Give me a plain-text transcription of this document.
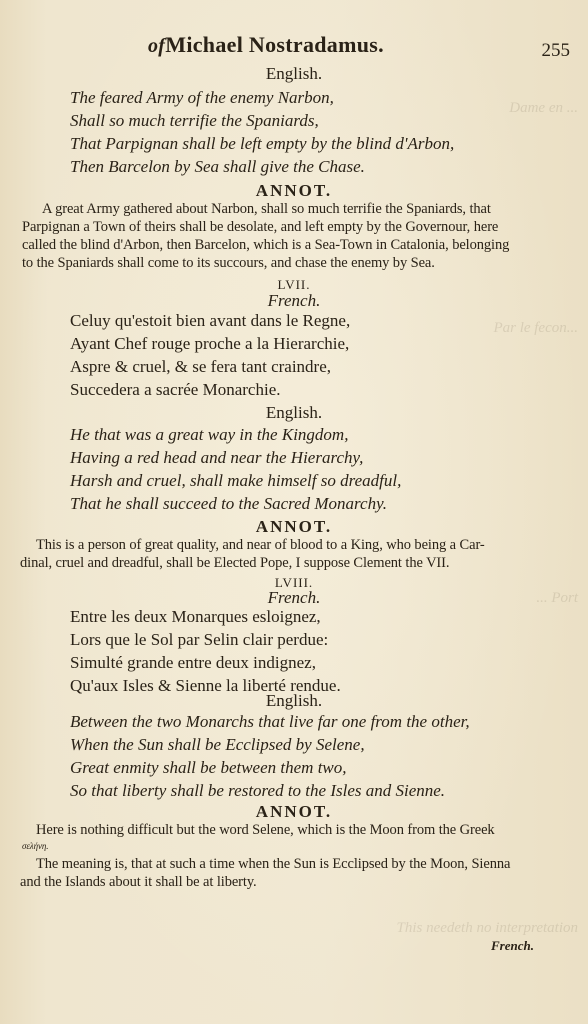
Dame en ...
Par le fecon...
... Port
This needeth no interpretation
ofMichael Nostradamus.	255
English.
The feared Army of the enemy Narbon,
Shall so much terrifie the Spaniards,
That Parpignan shall be left empty by the blind d'Arbon,
Then Barcelon by Sea shall give the Chase.
ANNOT.
A great Army gathered about Narbon, shall so much terrifie the Spaniards, that
Parpignan a Town of theirs shall be desolate, and left empty by the Governour, here
called the blind d'Arbon, then Barcelon, which is a Sea-Town in Catalonia, belonging
to the Spaniards shall come to its succours, and chase the enemy by Sea.
LVII.
French.
Celuy qu'estoit bien avant dans le Regne,
Ayant Chef rouge proche a la Hierarchie,
Aspre & cruel, & se fera tant craindre,
Succedera a sacrée Monarchie.
English.
He that was a great way in the Kingdom,
Having a red head and near the Hierarchy,
Harsh and cruel, shall make himself so dreadful,
That he shall succeed to the Sacred Monarchy.
ANNOT.
This is a person of great quality, and near of blood to a King, who being a Car-
dinal, cruel and dreadful, shall be Elected Pope, I suppose Clement the VII.
LVIII.
French.
Entre les deux Monarques esloignez,
Lors que le Sol par Selin clair perdue:
Simulté grande entre deux indignez,
Qu'aux Isles & Sienne la liberté rendue.
English.
Between the two Monarchs that live far one from the other,
When the Sun shall be Ecclipsed by Selene,
Great enmity shall be between them two,
So that liberty shall be restored to the Isles and Sienne.
ANNOT.
Here is nothing difficult but the word Selene, which is the Moon from the Greek
σελήνη.
The meaning is, that at such a time when the Sun is Ecclipsed by the Moon, Sienna
and the Islands about it shall be at liberty.
French.
